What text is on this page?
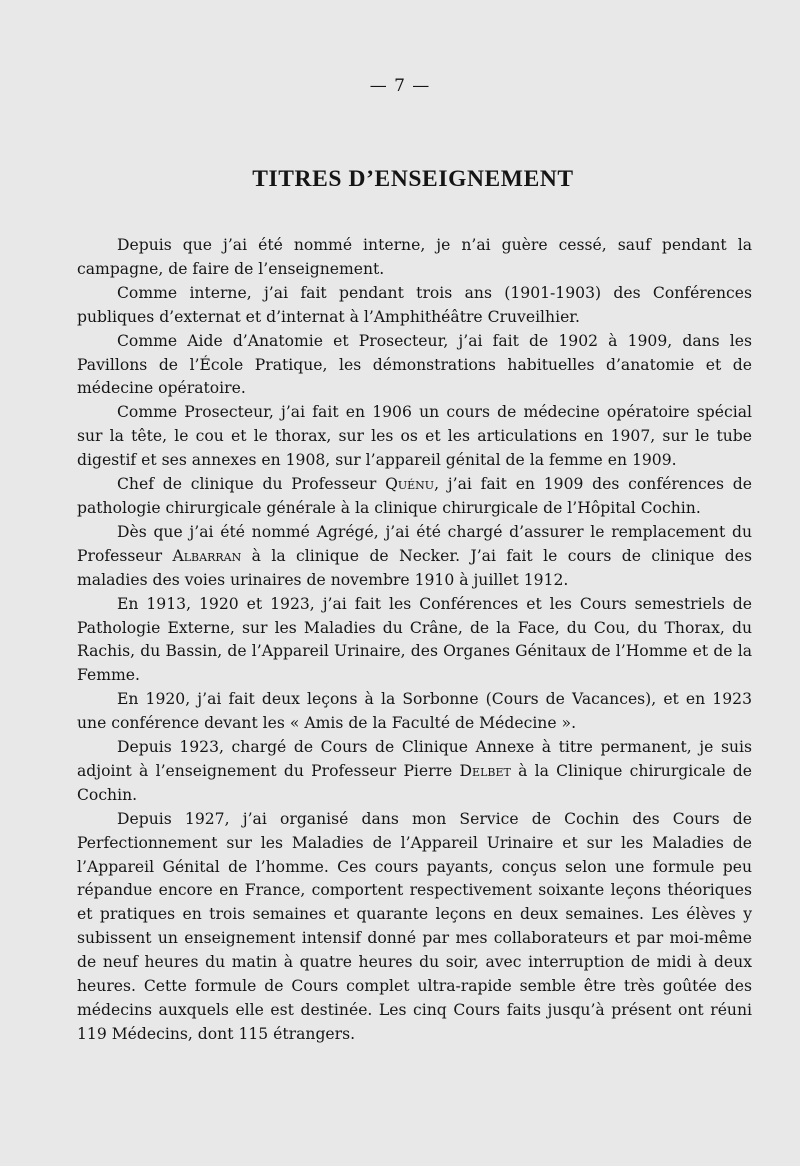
— 7 —
TITRES D’ENSEIGNEMENT

Depuis que j’ai été nommé interne, je n’ai guère cessé, sauf pendant la campagne, de faire de l’enseignement.

Comme interne, j’ai fait pendant trois ans (1901-1903) des Conférences publiques d’externat et d’internat à l’Amphithéâtre Cruveilhier.

Comme Aide d’Anatomie et Prosecteur, j’ai fait de 1902 à 1909, dans les Pavillons de l’École Pratique, les démonstrations habituelles d’anatomie et de médecine opératoire.

Comme Prosecteur, j’ai fait en 1906 un cours de médecine opératoire spécial sur la tête, le cou et le thorax, sur les os et les articulations en 1907, sur le tube digestif et ses annexes en 1908, sur l’appareil génital de la femme en 1909.

Chef de clinique du Professeur Quénu, j’ai fait en 1909 des conférences de pathologie chirurgicale générale à la clinique chirurgicale de l’Hôpital Cochin.

Dès que j’ai été nommé Agrégé, j’ai été chargé d’assurer le remplacement du Professeur Albarran à la clinique de Necker. J’ai fait le cours de clinique des maladies des voies urinaires de novembre 1910 à juillet 1912.

En 1913, 1920 et 1923, j’ai fait les Conférences et les Cours semestriels de Pathologie Externe, sur les Maladies du Crâne, de la Face, du Cou, du Thorax, du Rachis, du Bassin, de l’Appareil Urinaire, des Organes Génitaux de l’Homme et de la Femme.

En 1920, j’ai fait deux leçons à la Sorbonne (Cours de Vacances), et en 1923 une conférence devant les « Amis de la Faculté de Médecine ».

Depuis 1923, chargé de Cours de Clinique Annexe à titre permanent, je suis adjoint à l’enseignement du Professeur Pierre Delbet à la Clinique chirurgicale de Cochin.

Depuis 1927, j’ai organisé dans mon Service de Cochin des Cours de Perfectionnement sur les Maladies de l’Appareil Urinaire et sur les Maladies de l’Appareil Génital de l’homme. Ces cours payants, conçus selon une formule peu répandue encore en France, comportent respectivement soixante leçons théoriques et pratiques en trois semaines et quarante leçons en deux semaines. Les élèves y subissent un enseignement intensif donné par mes collaborateurs et par moi-même de neuf heures du matin à quatre heures du soir, avec interruption de midi à deux heures. Cette formule de Cours complet ultra-rapide semble être très goûtée des médecins auxquels elle est destinée. Les cinq Cours faits jusqu’à présent ont réuni 119 Médecins, dont 115 étrangers.
